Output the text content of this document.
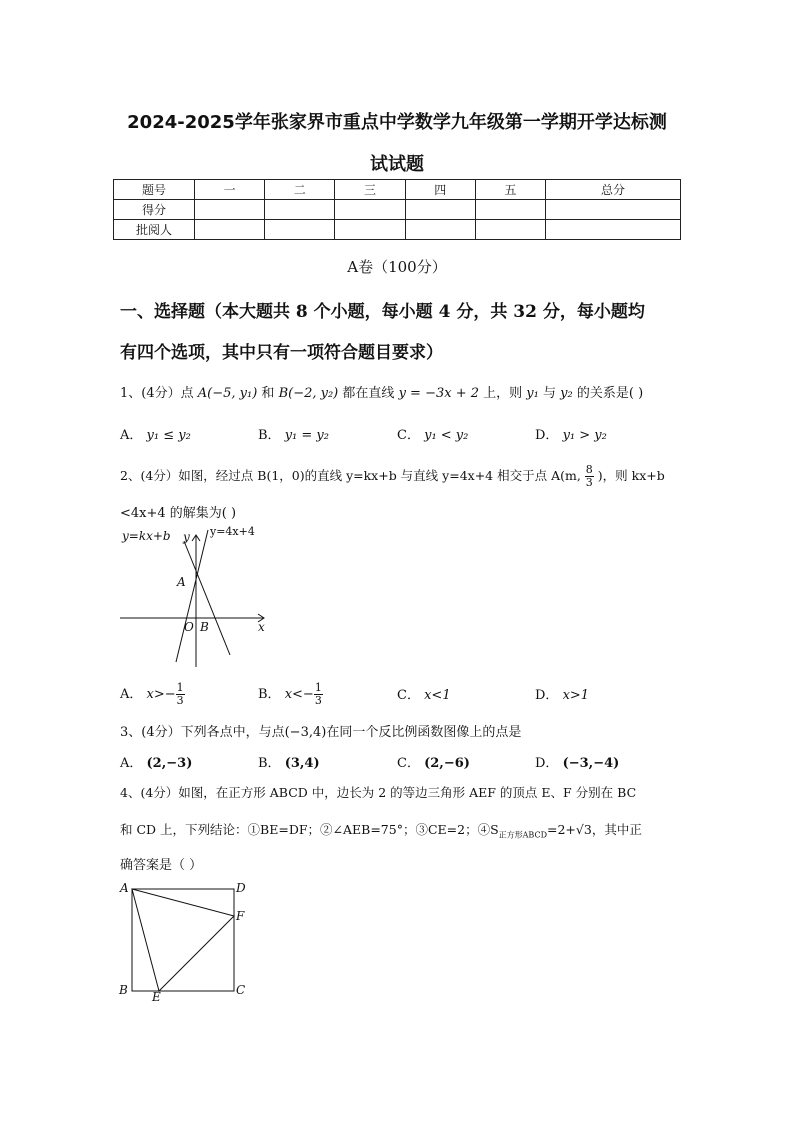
2024-2025学年张家界市重点中学数学九年级第一学期开学达标测
试试题
题号	一	二	三	四	五	总分
得分						
批阅人						
A卷（100分）
一、选择题（本大题共 8 个小题，每小题 4 分，共 32 分，每小题均
有四个选项，其中只有一项符合题目要求）
1、(4分）点 A(−5, y₁) 和 B(−2, y₂) 都在直线 y = −3x + 2 上，则 y₁ 与 y₂ 的关系是( )
A． y₁ ≤ y₂	B． y₁ = y₂	C． y₁ < y₂	D． y₁ > y₂
2、(4分）如图，经过点 B(1，0)的直线 y=kx+b 与直线 y=4x+4 相交于点 A(m, $\frac{8}{3}$ )，则 kx+b
<4x+4 的解集为( )
y=kx+b y y=4x+4
A
O B	x
A． $x>- \frac{1}{3}$	B． $x<- \frac{1}{3}$	C． x<1	D． x>1
3、(4分）下列各点中，与点(−3,4)在同一个反比例函数图像上的点是
A． (2,−3)	B． (3,4)	C． (2,−6)	D． (−3,−4)
4、(4分）如图，在正方形 ABCD 中，边长为 2 的等边三角形 AEF 的顶点 E、F 分别在 BC
和 CD 上，下列结论：①BE=DF；②∠AEB=75°；③CE=2；$④S_{正方形ABCD}=2+√3$，其中正
确答案是（ ）
A	D
F
B E	C
